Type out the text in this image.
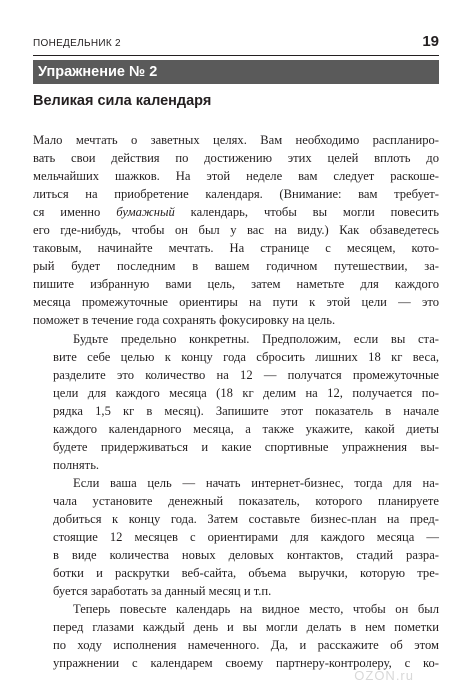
ПОНЕДЕЛЬНИК 2	19
Упражнение № 2
Великая сила календаря

Мало мечтать о заветных целях. Вам необходимо распланиро-
вать свои действия по достижению этих целей вплоть до
мельчайших шажков. На этой неделе вам следует раскоше-
литься на приобретение календаря. (Внимание: вам требует-
ся именно бумажный календарь, чтобы вы могли повесить
его где-нибудь, чтобы он был у вас на виду.) Как обзаведетесь
таковым, начинайте мечтать. На странице с месяцем, кото-
рый будет последним в вашем годичном путешествии, за-
пишите избранную вами цель, затем наметьте для каждого
месяца промежуточные ориентиры на пути к этой цели — это
поможет в течение года сохранять фокусировку на цель.

Будьте предельно конкретны. Предположим, если вы ста-
вите себе целью к концу года сбросить лишних 18 кг веса,
разделите это количество на 12 — получатся промежуточные
цели для каждого месяца (18 кг делим на 12, получается по-
рядка 1,5 кг в месяц). Запишите этот показатель в начале
каждого календарного месяца, а также укажите, какой диеты
будете придерживаться и какие спортивные упражнения вы-
полнять.

Если ваша цель — начать интернет-бизнес, тогда для на-
чала установите денежный показатель, которого планируете
добиться к концу года. Затем составьте бизнес-план на пред-
стоящие 12 месяцев с ориентирами для каждого месяца —
в виде количества новых деловых контактов, стадий разра-
ботки и раскрутки веб-сайта, объема выручки, которую тре-
буется заработать за данный месяц и т.п.

Теперь повесьте календарь на видное место, чтобы он был
перед глазами каждый день и вы могли делать в нем пометки
по ходу исполнения намеченного. Да, и расскажите об этом
упражнении с календарем своему партнеру-контролеру, с ко-

OZON.ru
